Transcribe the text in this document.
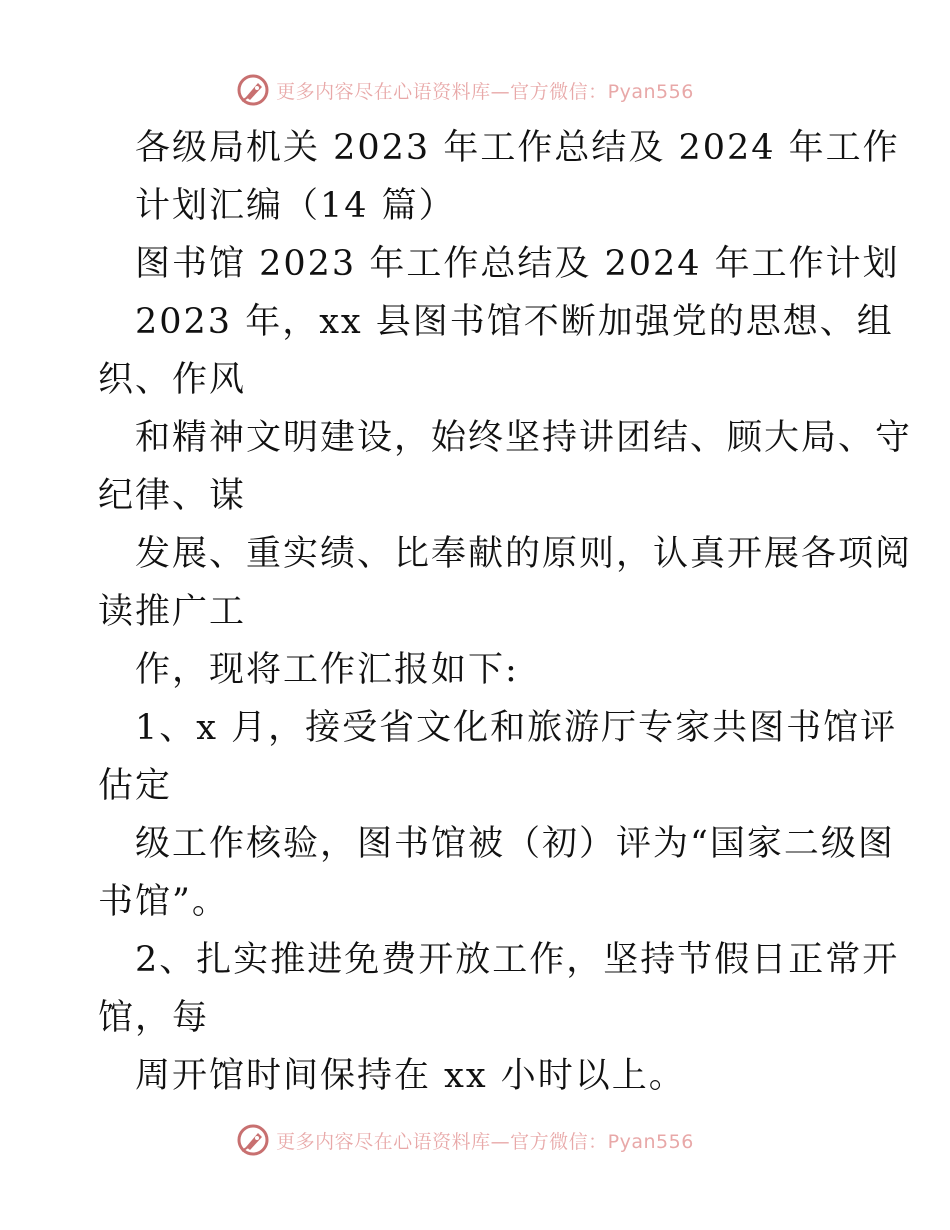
更多内容尽在心语资料库—官方微信：Pyan556
各级局机关 2023 年工作总结及 2024 年工作
计划汇编（14 篇）
图书馆 2023 年工作总结及 2024 年工作计划
2023 年，xx 县图书馆不断加强党的思想、组
织、作风
和精神文明建设，始终坚持讲团结、顾大局、守
纪律、谋
发展、重实绩、比奉献的原则，认真开展各项阅
读推广工
作，现将工作汇报如下:
1、x 月，接受省文化和旅游厅专家共图书馆评
估定
级工作核验，图书馆被（初）评为“国家二级图
书馆”。
2、扎实推进免费开放工作，坚持节假日正常开
馆，每
周开馆时间保持在 xx 小时以上。
更多内容尽在心语资料库—官方微信：Pyan556
